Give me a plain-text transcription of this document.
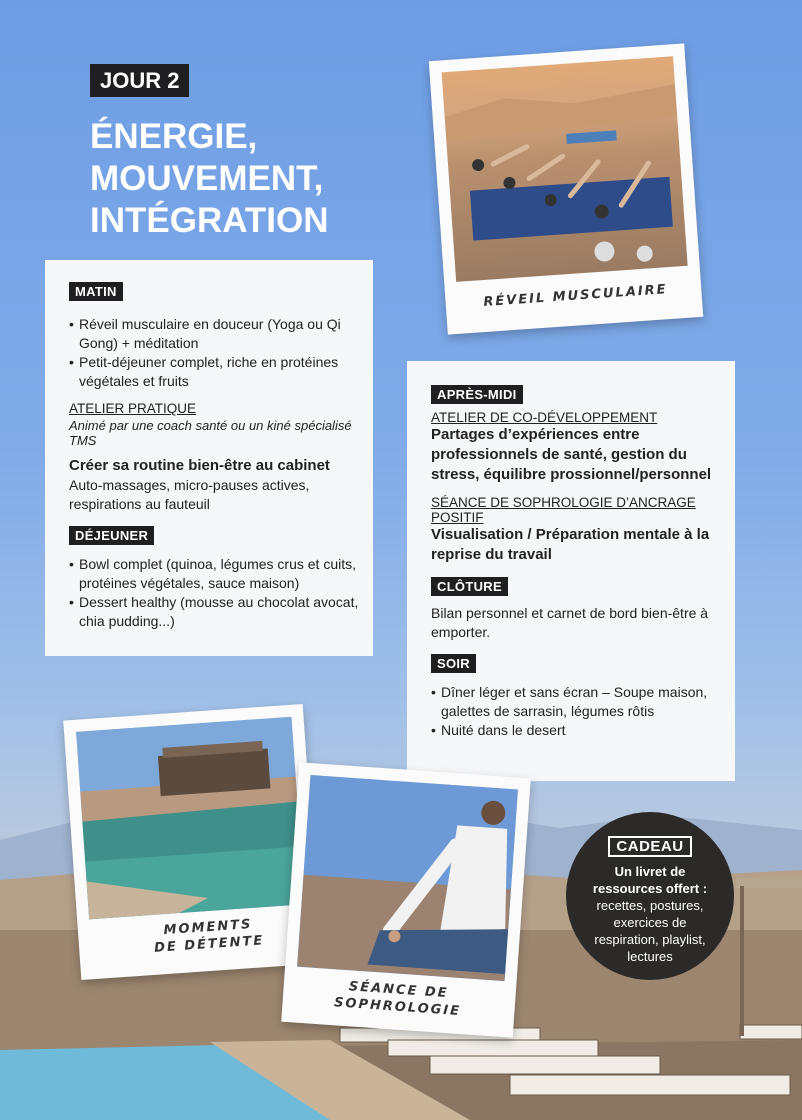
JOUR 2
ÉNERGIE,
MOUVEMENT,
INTÉGRATION
MATIN
• Réveil musculaire en douceur (Yoga ou Qi Gong) + méditation
• Petit-déjeuner complet, riche en protéines végétales et fruits
ATELIER PRATIQUE
Animé par une coach santé ou un kiné spécialisé TMS
Créer sa routine bien-être au cabinet
Auto-massages, micro-pauses actives, respirations au fauteuil
DÉJEUNER
• Bowl complet (quinoa, légumes crus et cuits, protéines végétales, sauce maison)
• Dessert healthy (mousse au chocolat avocat, chia pudding...)
APRÈS-MIDI
ATELIER DE CO-DÉVELOPPEMENT
Partages d’expériences entre professionnels de santé, gestion du stress, équilibre prossionnel/personnel
SÉANCE DE SOPHROLOGIE D’ANCRAGE POSITIF
Visualisation / Préparation mentale à la reprise du travail
CLÔTURE
Bilan personnel et carnet de bord bien-être à emporter.
SOIR
• Dîner léger et sans écran – Soupe maison, galettes de sarrasin, légumes rôtis
• Nuité dans le desert
RÉVEIL MUSCULAIRE
MOMENTS
DE DÉTENTE
SÉANCE DE
SOPHROLOGIE
CADEAU
Un livret de ressources offert :
recettes, postures, exercices de respiration, playlist, lectures
